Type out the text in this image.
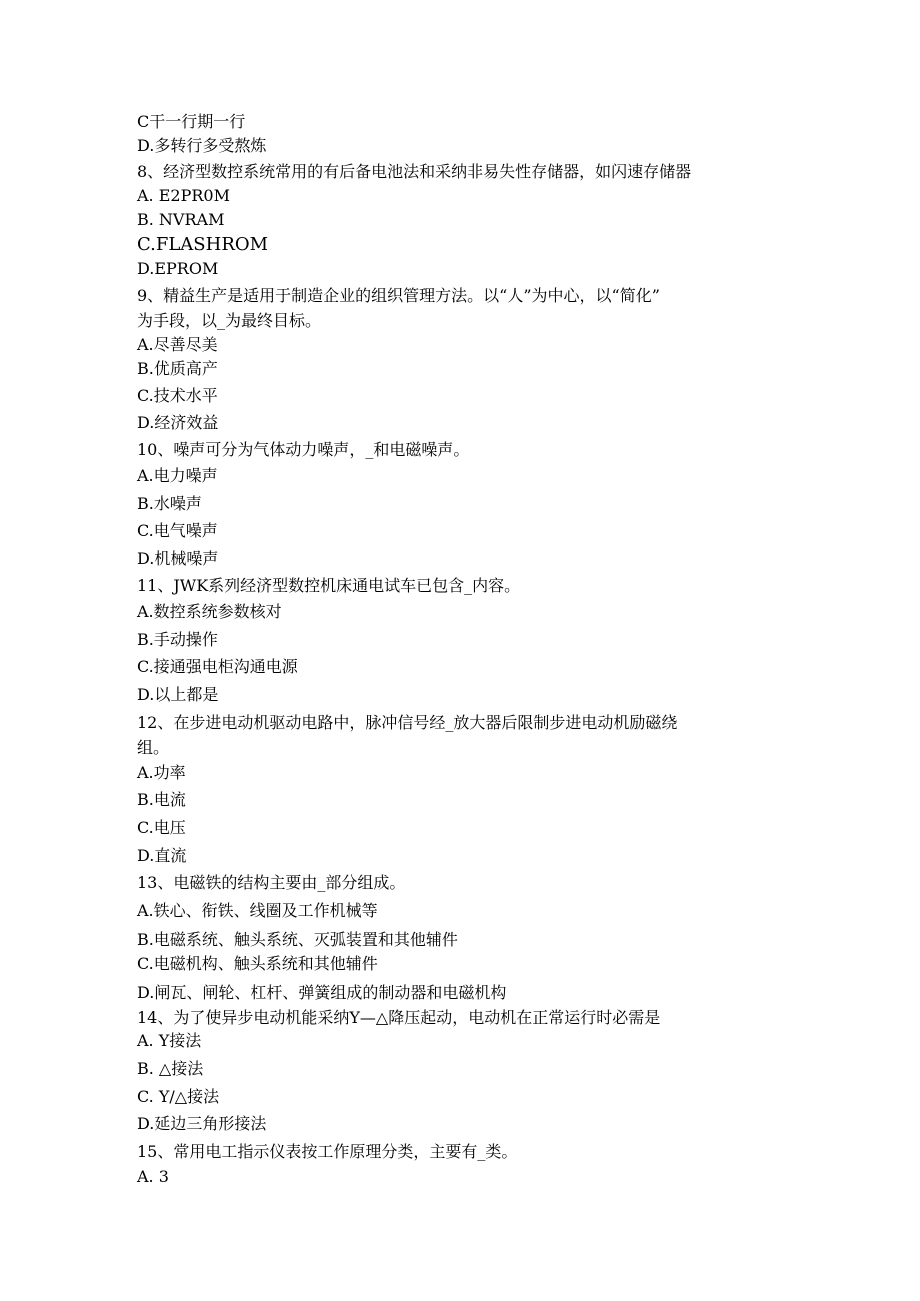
C干一行期一行
D.多转行多受熬炼
8、经济型数控系统常用的有后备电池法和采纳非易失性存储器，如闪速存储器
A. E2PR0M
B. NVRAM
C.FLASHROM
D.EPROM
9、精益生产是适用于制造企业的组织管理方法。以“人”为中心，以“简化”
为手段，以_为最终目标。
A.尽善尽美
B.优质高产
C.技术水平
D.经济效益
10、噪声可分为气体动力噪声，_和电磁噪声。
A.电力噪声
B.水噪声
C.电气噪声
D.机械噪声
11、JWK系列经济型数控机床通电试车已包含_内容。
A.数控系统参数核对
B.手动操作
C.接通强电柜沟通电源
D.以上都是
12、在步进电动机驱动电路中，脉冲信号经_放大器后限制步进电动机励磁绕
组。
A.功率
B.电流
C.电压
D.直流
13、电磁铁的结构主要由_部分组成。
A.铁心、衔铁、线圈及工作机械等
B.电磁系统、触头系统、灭弧装置和其他辅件
C.电磁机构、触头系统和其他辅件
D.闸瓦、闸轮、杠杆、弹簧组成的制动器和电磁机构
14、为了使异步电动机能采纳Y—△降压起动，电动机在正常运行时必需是
A. Y接法
B. △接法
C. Y/△接法
D.延边三角形接法
15、常用电工指示仪表按工作原理分类，主要有_类。
A. 3
